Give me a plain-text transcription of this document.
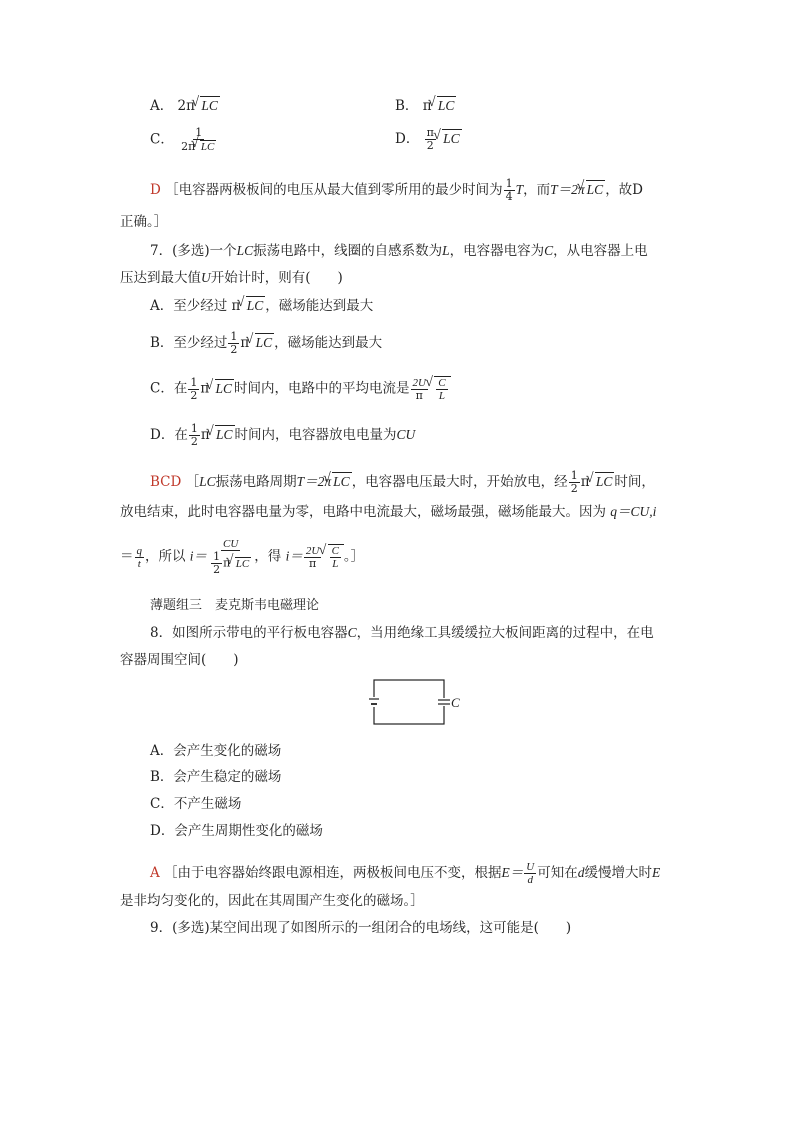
A． 2π √ LC	B． π √ LC
C． $\frac{1}{2\pi √ LC}$	D． $\frac{\pi}{2}$ √ LC
D ［电容器两极板间的电压从最大值到零所用的最少时间为 $\frac{1}{4}$ T，而T＝2π √ LC ，故D
正确。］
7．(多选)一个LC振荡电路中，线圈的自感系数为L，电容器电容为C，从电容器上电
压达到最大值U开始计时，则有(　　)
A．至少经过 π √ LC ，磁场能达到最大
B．至少经过 $\frac{1}{2}$ π √ LC ，磁场能达到最大
C．在 $\frac{1}{2}$ π √ LC 时间内，电路中的平均电流是 $\frac{2U}{\pi}$
√ $\frac{C}{L}$
D．在 $\frac{1}{2}$ π √ LC 时间内，电容器放电电量为CU
BCD ［LC振荡电路周期T＝2π √ LC ，电容器电压最大时，开始放电，经 $\frac{1}{2}$ π √ LC 时间，
放电结束，此时电容器电量为零，电路中电流最大，磁场最强，磁场能最大。因为 q＝CU,i
＝ $\frac{q}{t}$ ，所以 $i= \frac{CU}{\frac{1}{2} \pi √ LC}$ ，得 $i= \frac{2U}{\pi}$
√ $\frac{C}{L}$ 。］
薄题组三　麦克斯韦电磁理论
8．如图所示带电的平行板电容器C，当用绝缘工具缓缓拉大板间距离的过程中，在电
容器周围空间(　　)
C
A．会产生变化的磁场
B．会产生稳定的磁场
C．不产生磁场
D．会产生周期性变化的磁场
A ［由于电容器始终跟电源相连，两极板间电压不变，根据$E= \frac{U}{d}$ 可知在d缓慢增大时E
是非均匀变化的，因此在其周围产生变化的磁场。］
9．(多选)某空间出现了如图所示的一组闭合的电场线，这可能是(　　)
